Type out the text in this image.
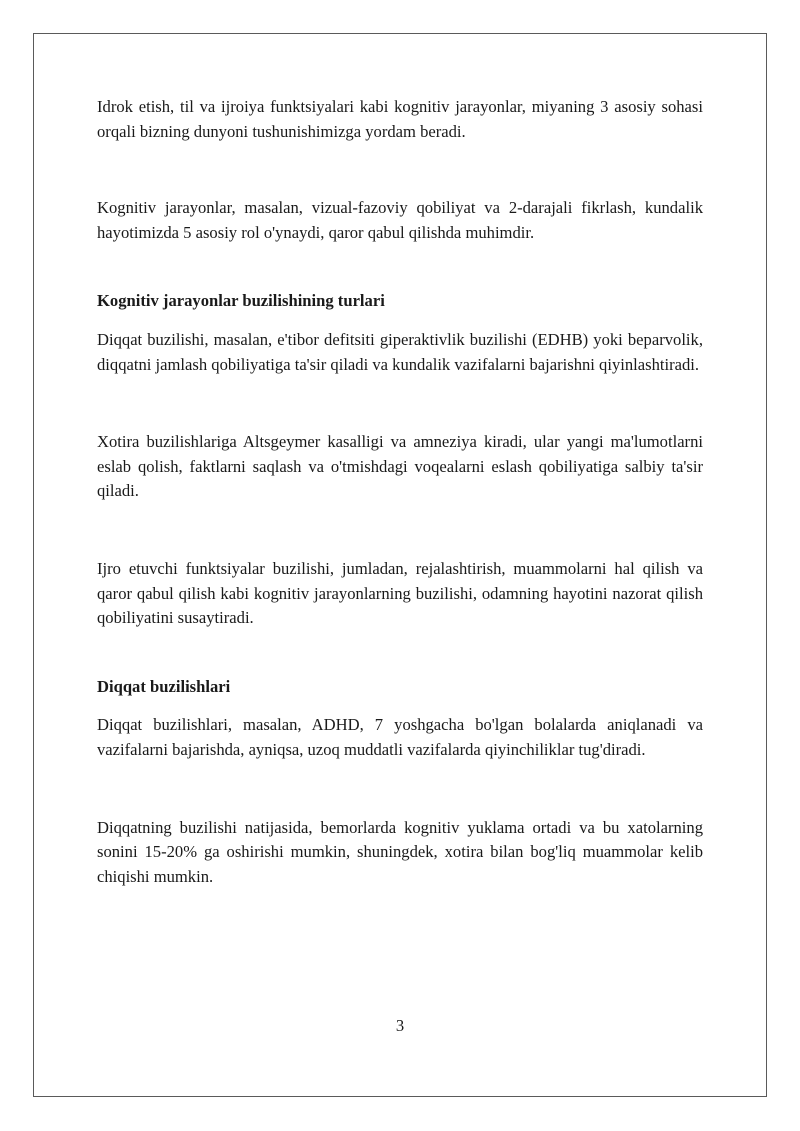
Idrok etish, til va ijroiya funktsiyalari kabi kognitiv jarayonlar, miyaning 3 asosiy sohasi orqali bizning dunyoni tushunishimizga yordam beradi.

Kognitiv jarayonlar, masalan, vizual-fazoviy qobiliyat va 2-darajali fikrlash, kundalik hayotimizda 5 asosiy rol o'ynaydi, qaror qabul qilishda muhimdir.

Kognitiv jarayonlar buzilishining turlari

Diqqat buzilishi, masalan, e'tibor defitsiti giperaktivlik buzilishi (EDHB) yoki beparvolik, diqqatni jamlash qobiliyatiga ta'sir qiladi va kundalik vazifalarni bajarishni qiyinlashtiradi.

Xotira buzilishlariga Altsgeymer kasalligi va amneziya kiradi, ular yangi ma'lumotlarni eslab qolish, faktlarni saqlash va o'tmishdagi voqealarni eslash qobiliyatiga salbiy ta'sir qiladi.

Ijro etuvchi funktsiyalar buzilishi, jumladan, rejalashtirish, muammolarni hal qilish va qaror qabul qilish kabi kognitiv jarayonlarning buzilishi, odamning hayotini nazorat qilish qobiliyatini susaytiradi.

Diqqat buzilishlari

Diqqat buzilishlari, masalan, ADHD, 7 yoshgacha bo'lgan bolalarda aniqlanadi va vazifalarni bajarishda, ayniqsa, uzoq muddatli vazifalarda qiyinchiliklar tug'diradi.

Diqqatning buzilishi natijasida, bemorlarda kognitiv yuklama ortadi va bu xatolarning sonini 15-20% ga oshirishi mumkin, shuningdek, xotira bilan bog'liq muammolar kelib chiqishi mumkin.

3
